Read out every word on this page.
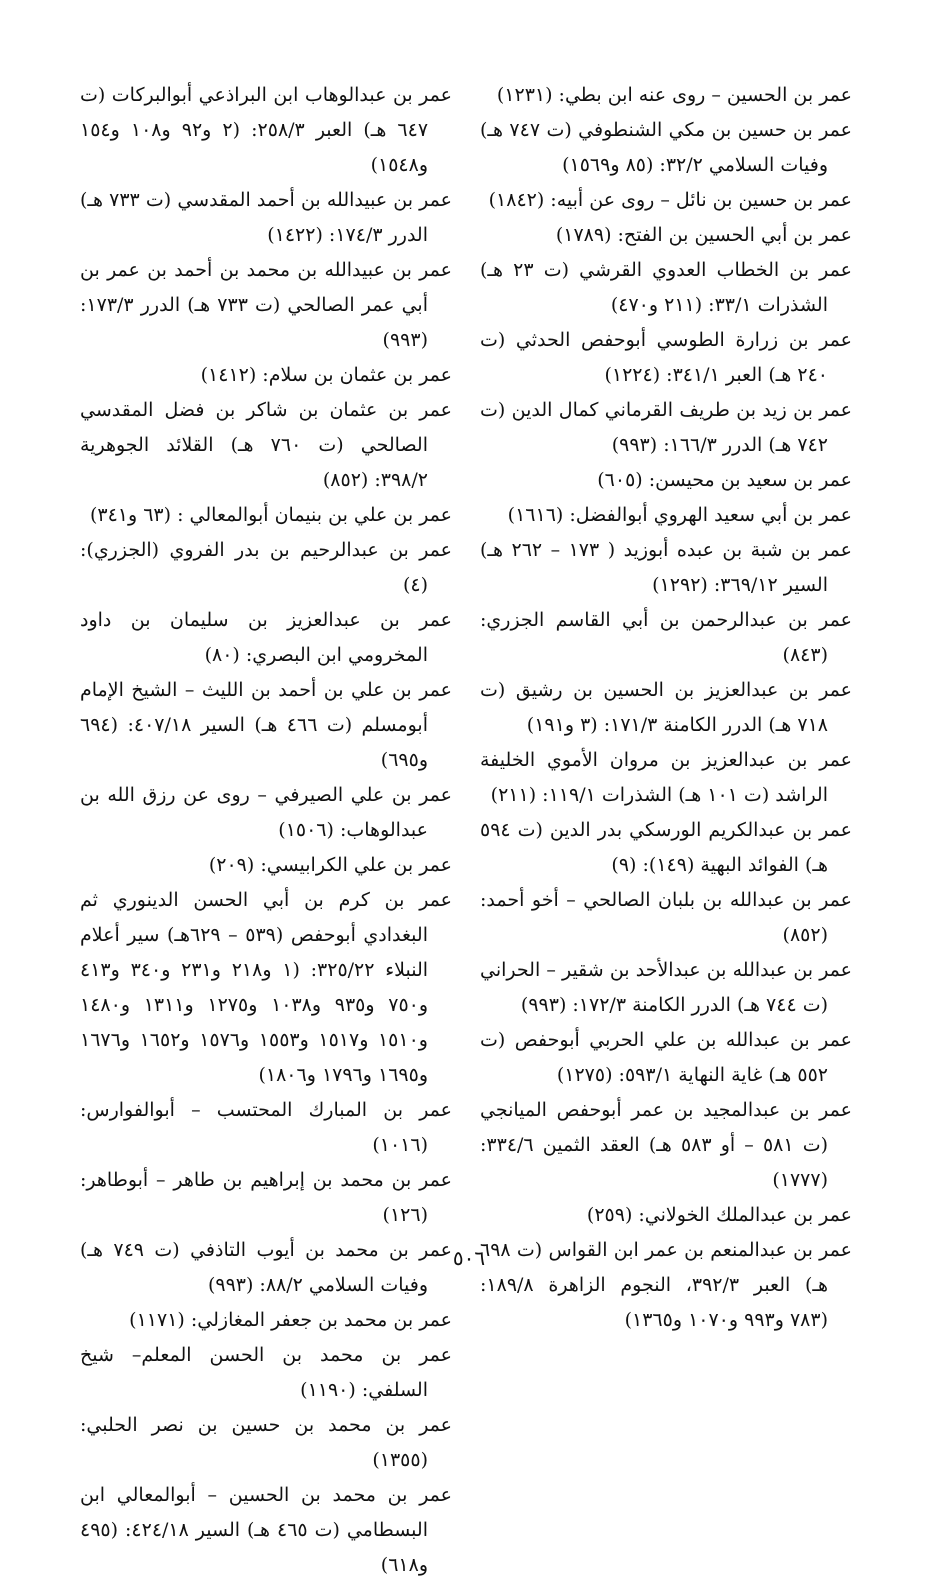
عمر بن الحسين – روى عنه ابن بطي: (١٢٣١)

عمر بن حسين بن مكي الشنطوفي (ت ٧٤٧ هـ) وفيات السلامي ٣٢/٢: (٨٥ و١٥٦٩)

عمر بن حسين بن نائل – روى عن أبيه: (١٨٤٢)

عمر بن أبي الحسين بن الفتح: (١٧٨٩)

عمر بن الخطاب العدوي القرشي (ت ٢٣ هـ) الشذرات ٣٣/١: (٢١١ و٤٧٠)

عمر بن زرارة الطوسي أبوحفص الحدثي (ت ٢٤٠ هـ) العبر ٣٤١/١: (١٢٢٤)

عمر بن زيد بن طريف القرماني كمال الدين (ت ٧٤٢ هـ) الدرر ١٦٦/٣: (٩٩٣)

عمر بن سعيد بن محيسن: (٦٠٥)

عمر بن أبي سعيد الهروي أبوالفضل: (١٦١٦)

عمر بن شبة بن عبده أبوزيد ( ١٧٣ – ٢٦٢ هـ) السير ٣٦٩/١٢: (١٢٩٢)

عمر بن عبدالرحمن بن أبي القاسم الجزري: (٨٤٣)

عمر بن عبدالعزيز بن الحسين بن رشيق (ت ٧١٨ هـ) الدرر الكامنة ١٧١/٣: (٣ و١٩١)

عمر بن عبدالعزيز بن مروان الأموي الخليفة الراشد (ت ١٠١ هـ) الشذرات ١١٩/١: (٢١١)

عمر بن عبدالكريم الورسكي بدر الدين (ت ٥٩٤ هـ) الفوائد البهية (١٤٩): (٩)

عمر بن عبدالله بن بلبان الصالحي – أخو أحمد: (٨٥٢)

عمر بن عبدالله بن عبدالأحد بن شقير – الحراني (ت ٧٤٤ هـ) الدرر الكامنة ١٧٢/٣: (٩٩٣)

عمر بن عبدالله بن علي الحربي أبوحفص (ت ٥٥٢ هـ) غاية النهاية ٥٩٣/١: (١٢٧٥)

عمر بن عبدالمجيد بن عمر أبوحفص الميانجي (ت ٥٨١ – أو ٥٨٣ هـ) العقد الثمين ٣٣٤/٦: (١٧٧٧)

عمر بن عبدالملك الخولاني: (٢٥٩)

عمر بن عبدالمنعم بن عمر ابن القواس (ت ٦٩٨ هـ) العبر ٣٩٢/٣، النجوم الزاهرة ١٨٩/٨: (٧٨٣ و٩٩٣ و١٠٧٠ و١٣٦٥)

عمر بن عبدالوهاب ابن البراذعي أبوالبركات (ت ٦٤٧ هـ) العبر ٢٥٨/٣: (٢ و٩٢ و١٠٨ و١٥٤ و١٥٤٨)

عمر بن عبيدالله بن أحمد المقدسي (ت ٧٣٣ هـ) الدرر ١٧٤/٣: (١٤٢٢)

عمر بن عبيدالله بن محمد بن أحمد بن عمر بن أبي عمر الصالحي (ت ٧٣٣ هـ) الدرر ١٧٣/٣: (٩٩٣)

عمر بن عثمان بن سلام: (١٤١٢)

عمر بن عثمان بن شاكر بن فضل المقدسي الصالحي (ت ٧٦٠ هـ) القلائد الجوهرية ٣٩٨/٢: (٨٥٢)

عمر بن علي بن بنيمان أبوالمعالي : (٦٣ و٣٤١)

عمر بن عبدالرحيم بن بدر الفروي (الجزري): (٤)

عمر بن عبدالعزيز بن سليمان بن داود المخرومي ابن البصري: (٨٠)

عمر بن علي بن أحمد بن الليث – الشيخ الإمام أبومسلم (ت ٤٦٦ هـ) السير ٤٠٧/١٨: (٦٩٤ و٦٩٥)

عمر بن علي الصيرفي – روى عن رزق الله بن عبدالوهاب: (١٥٠٦)

عمر بن علي الكرابيسي: (٢٠٩)

عمر بن كرم بن أبي الحسن الدينوري ثم البغدادي أبوحفص (٥٣٩ – ٦٢٩هـ) سير أعلام النبلاء ٣٢٥/٢٢: (١ و٢١٨ و٢٣١ و٣٤٠ و٤١٣ و٧٥٠ و٩٣٥ و١٠٣٨ و١٢٧٥ و١٣١١ و١٤٨٠ و١٥١٠ و١٥١٧ و١٥٥٣ و١٥٧٦ و١٦٥٢ و١٦٧٦ و١٦٩٥ و١٧٩٦ و١٨٠٦)

عمر بن المبارك المحتسب – أبوالفوارس: (١٠١٦)

عمر بن محمد بن إبراهيم بن طاهر – أبوطاهر: (١٢٦)

عمر بن محمد بن أيوب التاذفي (ت ٧٤٩ هـ) وفيات السلامي ٨٨/٢: (٩٩٣)

عمر بن محمد بن جعفر المغازلي: (١١٧١)

عمر بن محمد بن الحسن المعلم– شيخ السلفي: (١١٩٠)

عمر بن محمد بن حسين بن نصر الحلبي: (١٣٥٥)

عمر بن محمد بن الحسين – أبوالمعالي ابن البسطامي (ت ٤٦٥ هـ) السير ٤٢٤/١٨: (٤٩٥ و٦١٨)

٥٠٦
